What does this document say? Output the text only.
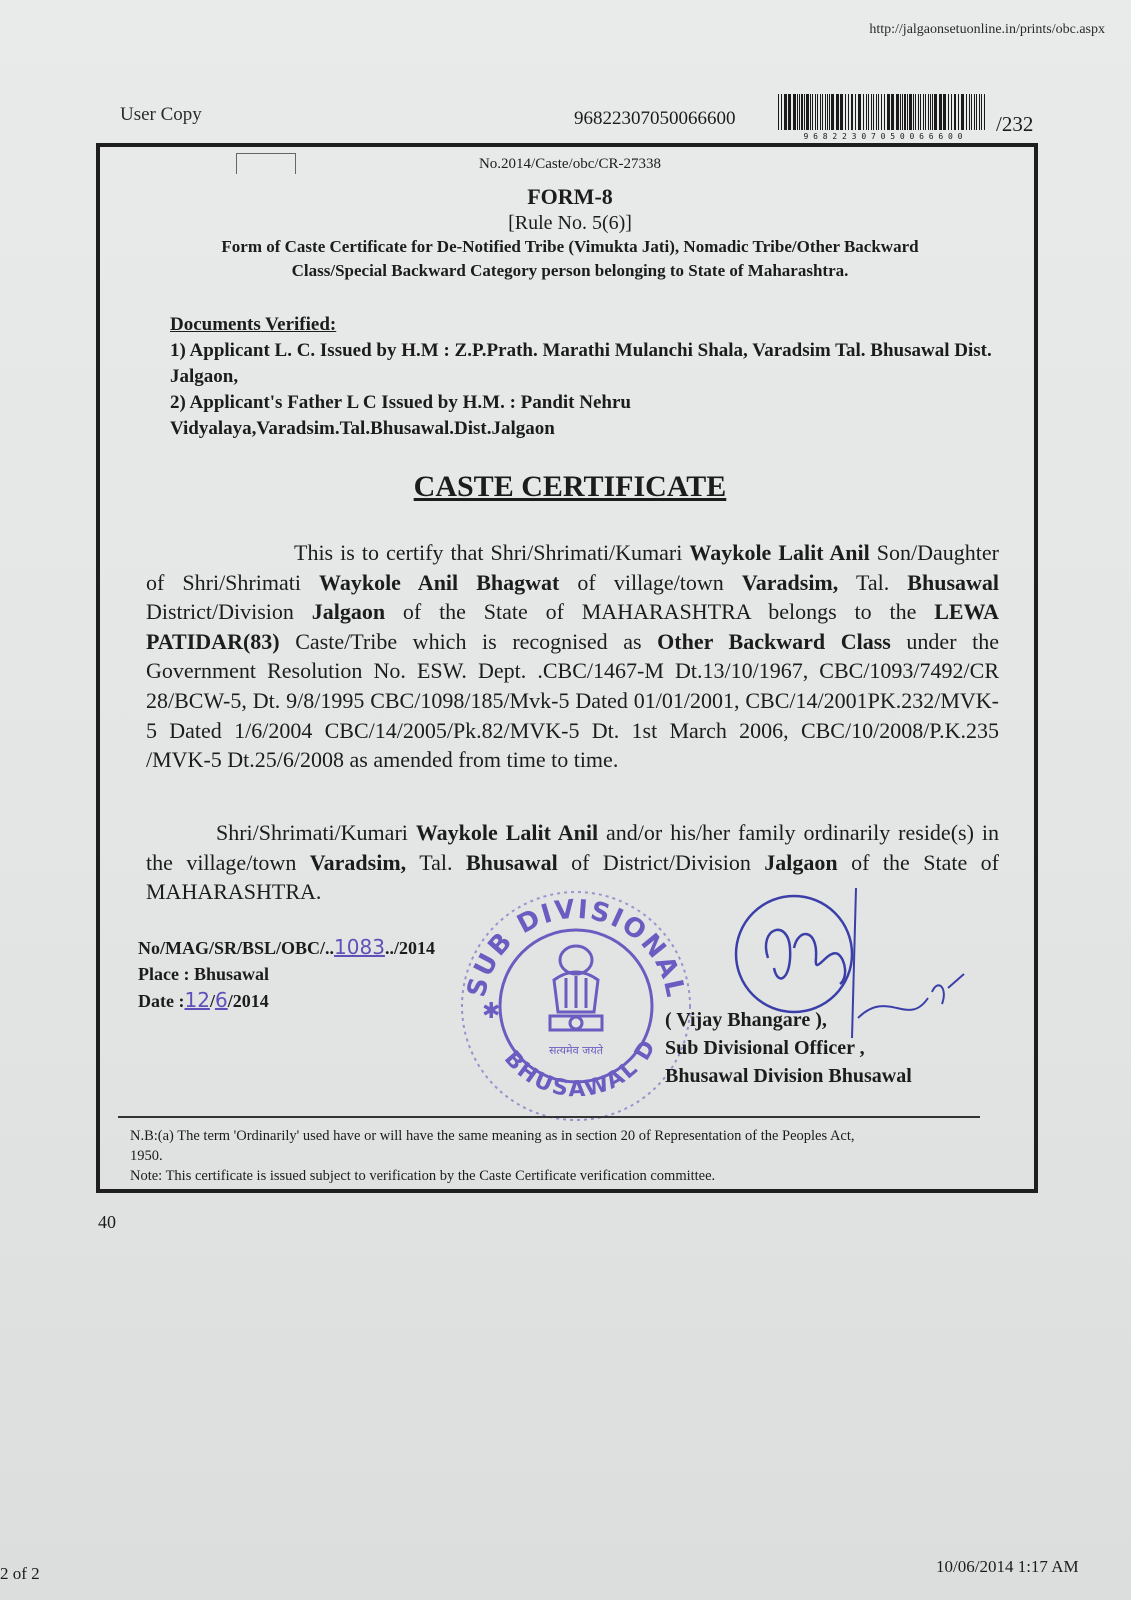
http://jalgaonsetuonline.in/prints/obc.aspx
User Copy	96822307050066600
9 6 8 2 2 3 0 7 0 5 0 0 6 6 6 0 0
/232
No.2014/Caste/obc/CR-27338
FORM-8
[Rule No. 5(6)]
Form of Caste Certificate for De-Notified Tribe (Vimukta Jati), Nomadic Tribe/Other Backward
Class/Special Backward Category person belonging to State of Maharashtra.
Documents Verified:
1) Applicant L. C. Issued by H.M : Z.P.Prath. Marathi Mulanchi Shala, Varadsim Tal. Bhusawal Dist. Jalgaon,
2) Applicant's Father L C Issued by H.M. : Pandit Nehru
Vidyalaya,Varadsim.Tal.Bhusawal.Dist.Jalgaon
CASTE CERTIFICATE
This is to certify that Shri/Shrimati/Kumari Waykole Lalit Anil Son/Daughter of Shri/Shrimati Waykole Anil Bhagwat of village/town Varadsim, Tal. Bhusawal District/Division Jalgaon of the State of MAHARASHTRA belongs to the LEWA PATIDAR(83) Caste/Tribe which is recognised as Other Backward Class under the Government Resolution No. ESW. Dept. .CBC/1467-M Dt.13/10/1967, CBC/1093/7492/CR 28/BCW-5, Dt. 9/8/1995 CBC/1098/185/Mvk-5 Dated 01/01/2001, CBC/14/2001PK.232/MVK-5 Dated 1/6/2004 CBC/14/2005/Pk.82/MVK-5 Dt. 1st March 2006, CBC/10/2008/P.K.235 /MVK-5 Dt.25/6/2008 as amended from time to time.
Shri/Shrimati/Kumari Waykole Lalit Anil and/or his/her family ordinarily reside(s) in the village/town Varadsim, Tal. Bhusawal of District/Division Jalgaon of the State of MAHARASHTRA.
No/MAG/SR/BSL/OBC/..1083../2014
Place : Bhusawal
Date :12/6/2014
SUB DIVISIONAL
BHUSAWAL D
सत्यमेव जयते
✱	( Vijay Bhangare ),
Sub Divisional Officer ,
Bhusawal Division Bhusawal
N.B:(a) The term 'Ordinarily' used have or will have the same meaning as in section 20 of Representation of the Peoples Act,
1950.
Note: This certificate is issued subject to verification by the Caste Certificate verification committee.
40
2 of 2	10/06/2014 1:17 AM
